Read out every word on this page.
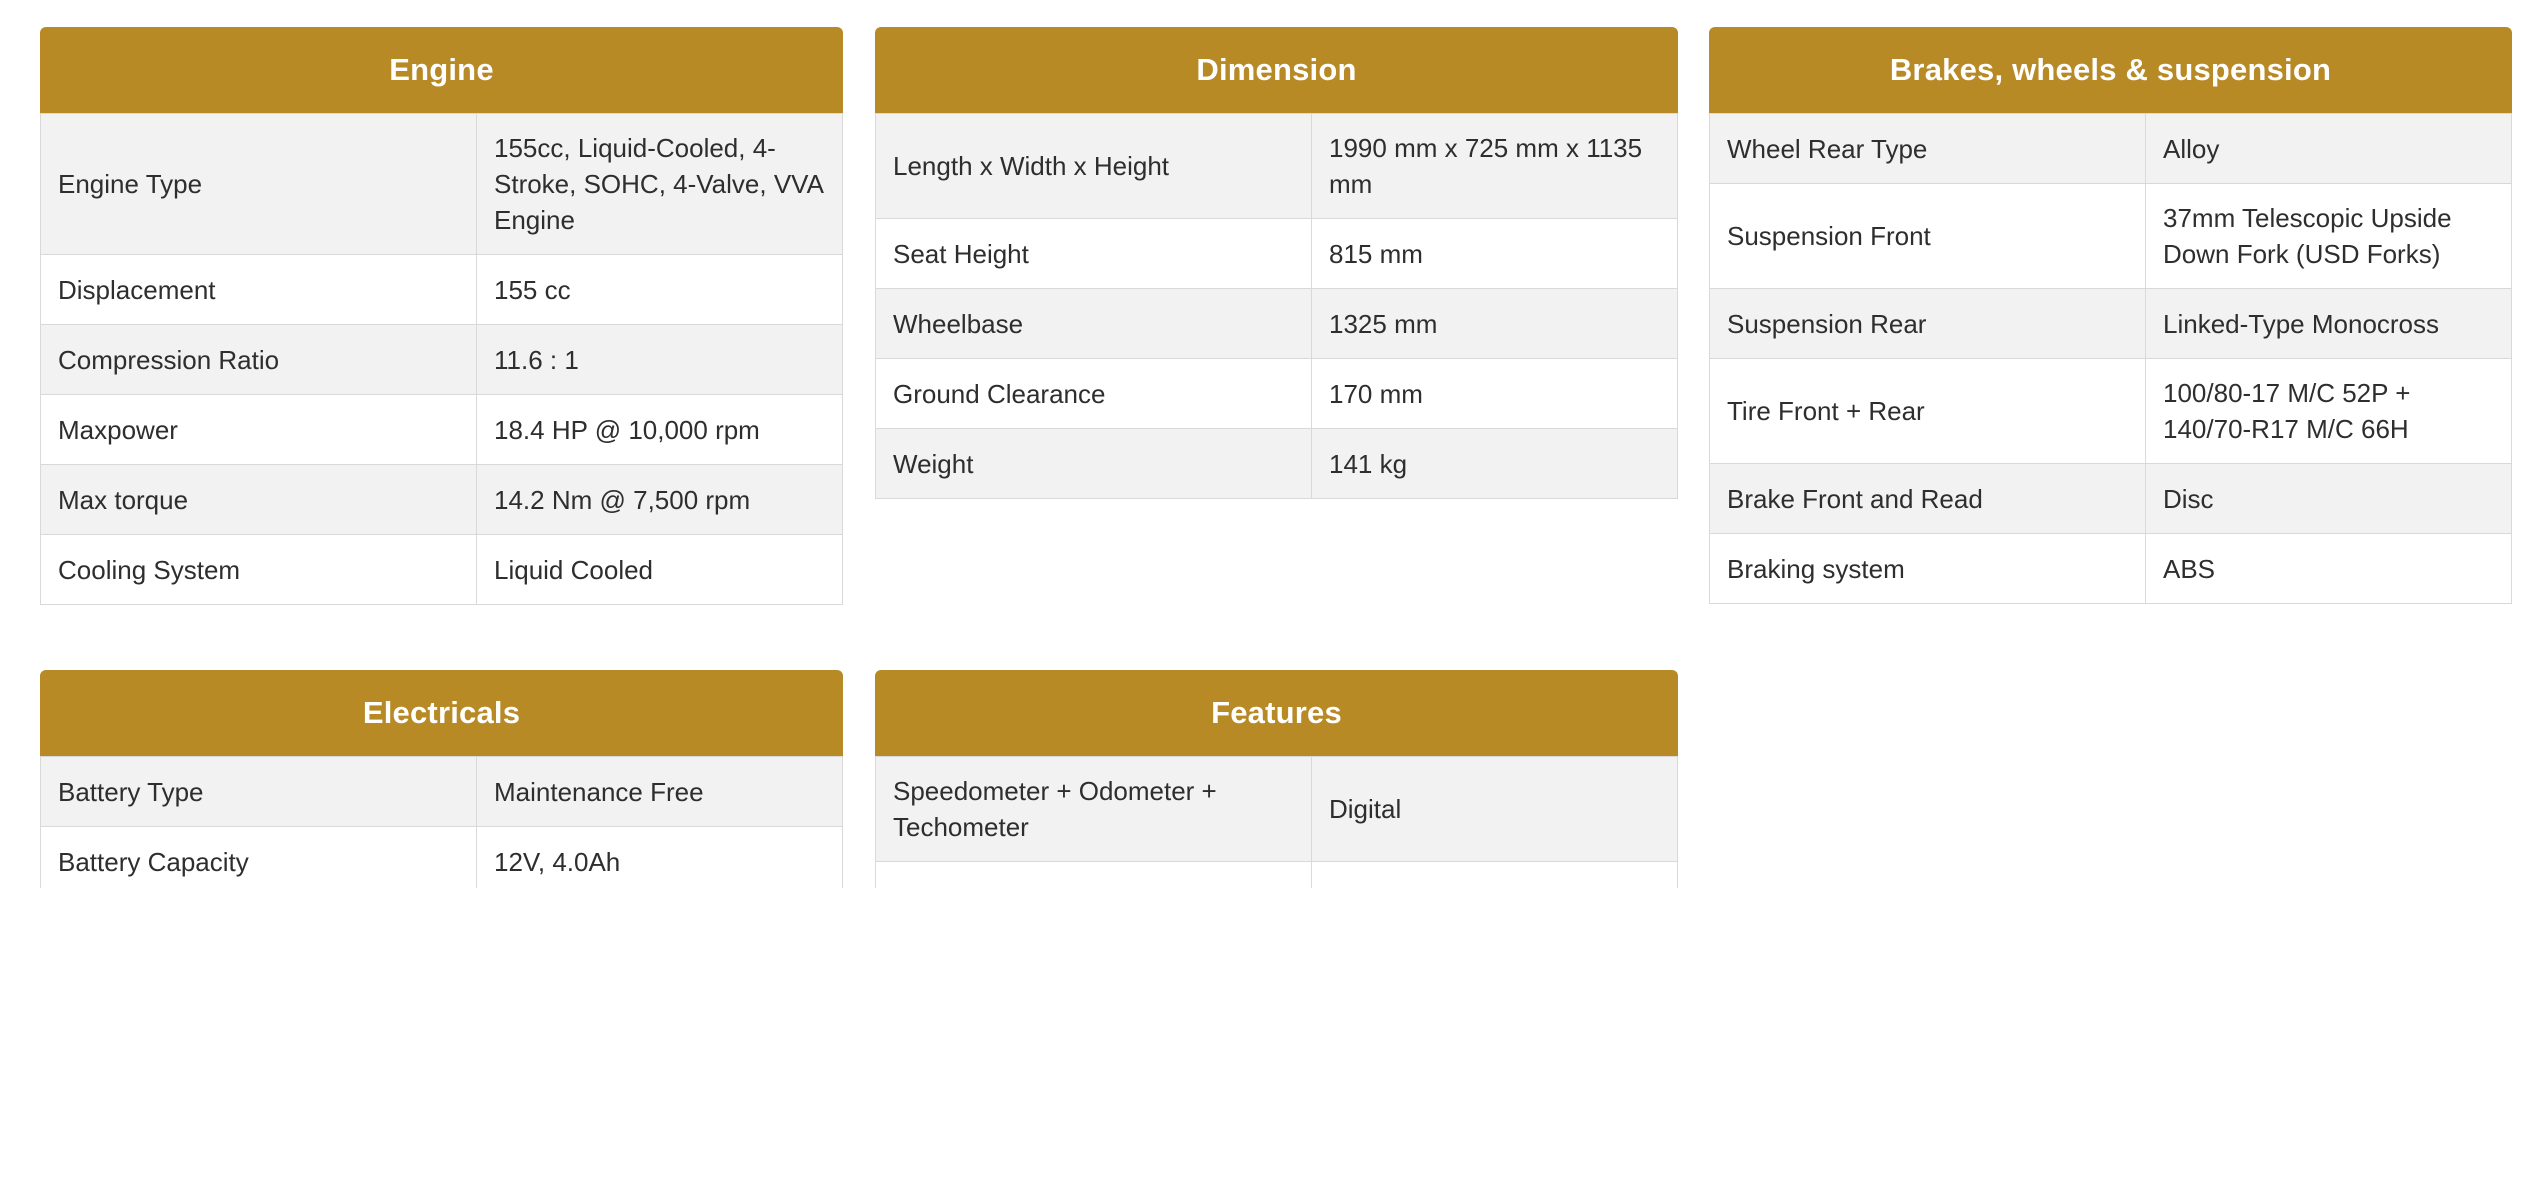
Engine
Engine Type	155cc, Liquid-Cooled, 4-Stroke, SOHC, 4-Valve, VVA Engine
Displacement	155 cc
Compression Ratio	11.6 : 1
Maxpower	18.4 HP @ 10,000 rpm
Max torque	14.2 Nm @ 7,500 rpm
Cooling System	Liquid Cooled
Dimension
Length x Width x Height	1990 mm x 725 mm x 1135 mm
Seat Height	815 mm
Wheelbase	1325 mm
Ground Clearance	170 mm
Weight	141 kg
Brakes, wheels & suspension
Wheel Rear Type	Alloy
Suspension Front	37mm Telescopic Upside Down Fork (USD Forks)
Suspension Rear	Linked-Type Monocross
Tire Front + Rear	100/80-17 M/C 52P + 140/70-R17 M/C 66H
Brake Front and Read	Disc
Braking system	ABS
Electricals
Battery Type	Maintenance Free
Battery Capacity	12V, 4.0Ah
Features
Speedometer + Odometer + Techometer	Digital
